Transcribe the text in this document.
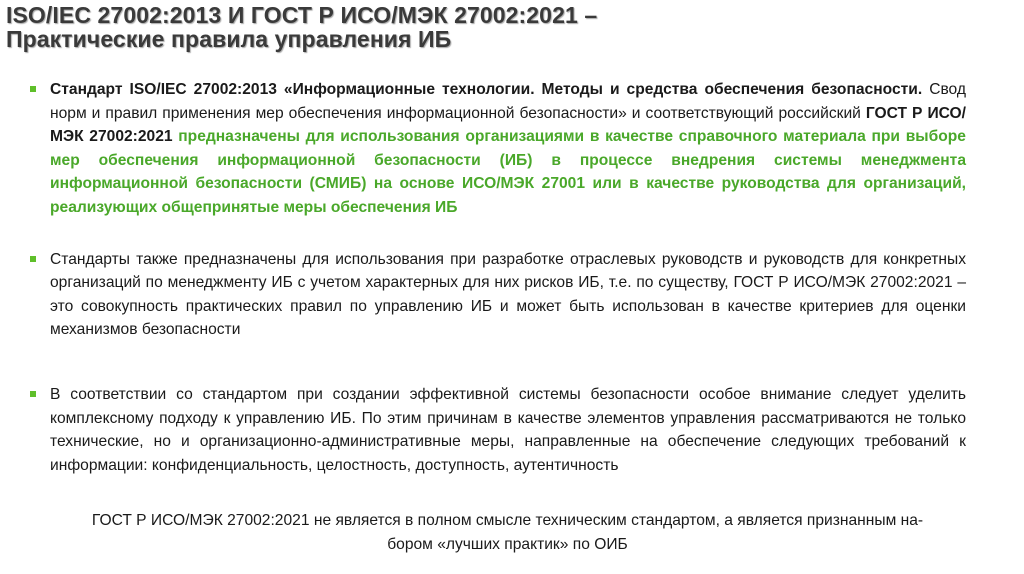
ISO/IEC 27002:2013 И ГОСТ Р ИСО/МЭК 27002:2021 –
Практические правила управления ИБ
Стандарт ISO/IEC 27002:2013 «Информационные технологии. Методы и средства обеспечения безопасности. Свод норм и правил применения мер обеспечения информационной безопасности» и соответствующий российский ГОСТ Р ИСО/МЭК 27002:2021 предназначены для использования организациями в качестве справочного материала при выборе мер обеспечения информационной безопасности (ИБ) в процессе внедрения системы менеджмента информационной безопасности (СМИБ) на основе ИСО/МЭК 27001 или в качестве руководства для организаций, реализующих общепринятые меры обеспечения ИБ
Стандарты также предназначены для использования при разработке отраслевых руководств и руководств для конкретных организаций по менеджменту ИБ с учетом характерных для них рисков ИБ, т.е. по существу, ГОСТ Р ИСО/МЭК 27002:2021 – это совокупность практических правил по управлению ИБ и может быть использован в качестве критериев для оценки механизмов безопасности
В соответствии со стандартом при создании эффективной системы безопасности особое внимание следует уделить комплексному подходу к управлению ИБ. По этим причинам в качестве элементов управления рассматриваются не только технические, но и организационно-административные меры, направленные на обеспечение следующих требований к информации: конфиденциальность, целостность, доступность, аутентичность
ГОСТ Р ИСО/МЭК 27002:2021 не является в полном смысле техническим стандартом, а является признанным на-
бором «лучших практик» по ОИБ
